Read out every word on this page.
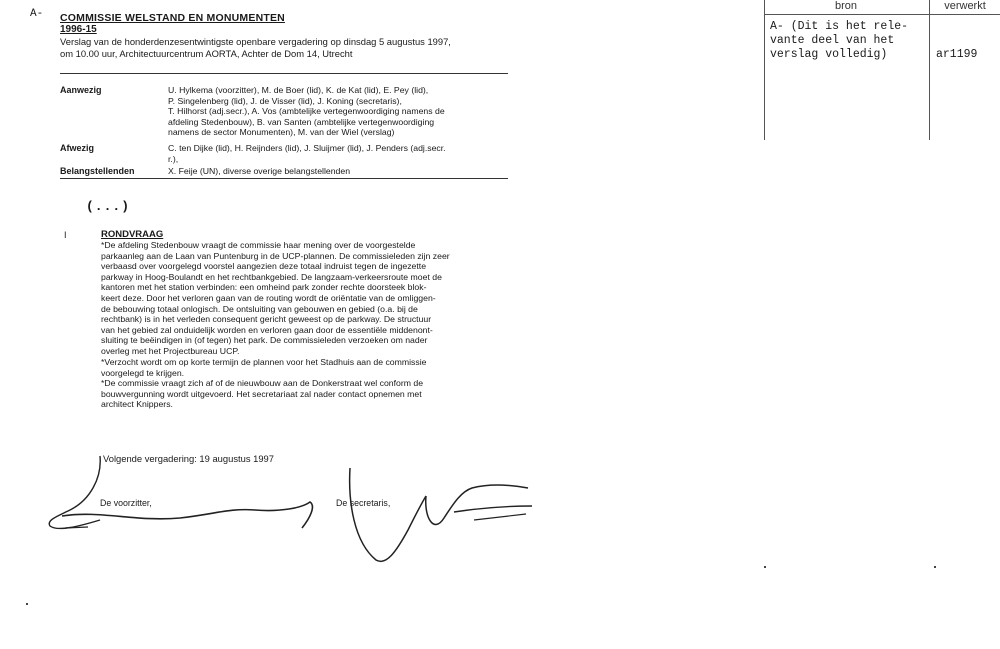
A- COMMISSIE WELSTAND EN MONUMENTEN
1996-15
Verslag van de honderdenzesentwintigste openbare vergadering op dinsdag 5 augustus 1997,
om 10.00 uur, Architectuurcentrum AORTA, Achter de Dom 14, Utrecht
Aanwezig	U. Hylkema (voorzitter), M. de Boer (lid), K. de Kat (lid), E. Pey (lid),
P. Singelenberg (lid), J. de Visser (lid), J. Koning (secretaris),
T. Hilhorst (adj.secr.), A. Vos (ambtelijke vertegenwoordiging namens de
afdeling Stedenbouw), B. van Santen (ambtelijke vertegenwoordiging
namens de sector Monumenten), M. van der Wiel (verslag)
Afwezig	C. ten Dijke (lid), H. Reijnders (lid), J. Sluijmer (lid), J. Penders (adj.secr.
r.),
Belangstellenden	X. Feije (UN), diverse overige belangstellenden
(...)
I	RONDVRAAG
*De afdeling Stedenbouw vraagt de commissie haar mening over de voorgestelde
parkaanleg aan de Laan van Puntenburg in de UCP-plannen. De commissieleden zijn zeer
verbaasd over voorgelegd voorstel aangezien deze totaal indruist tegen de ingezette
parkway in Hoog-Boulandt en het rechtbankgebied. De langzaam-verkeersroute moet de
kantoren met het station verbinden: een omheind park zonder rechte doorsteek blok-
keert deze. Door het verloren gaan van de routing wordt de oriëntatie van de omliggen-
de bebouwing totaal onlogisch. De ontsluiting van gebouwen en gebied (o.a. bij de
rechtbank) is in het verleden consequent gericht geweest op de parkway. De structuur
van het gebied zal onduidelijk worden en verloren gaan door de essentiële middenont-
sluiting te beëindigen in (of tegen) het park. De commissieleden verzoeken om nader
overleg met het Projectbureau UCP.
*Verzocht wordt om op korte termijn de plannen voor het Stadhuis aan de commissie
voorgelegd te krijgen.
*De commissie vraagt zich af of de nieuwbouw aan de Donkerstraat wel conform de
bouwvergunning wordt uitgevoerd. Het secretariaat zal nader contact opnemen met
architect Knippers.
Volgende vergadering: 19 augustus 1997
De voorzitter,	De secretaris,
bron	verwerkt
A- (Dit is het rele-
vante deel van het
verslag volledig)	ar1199
